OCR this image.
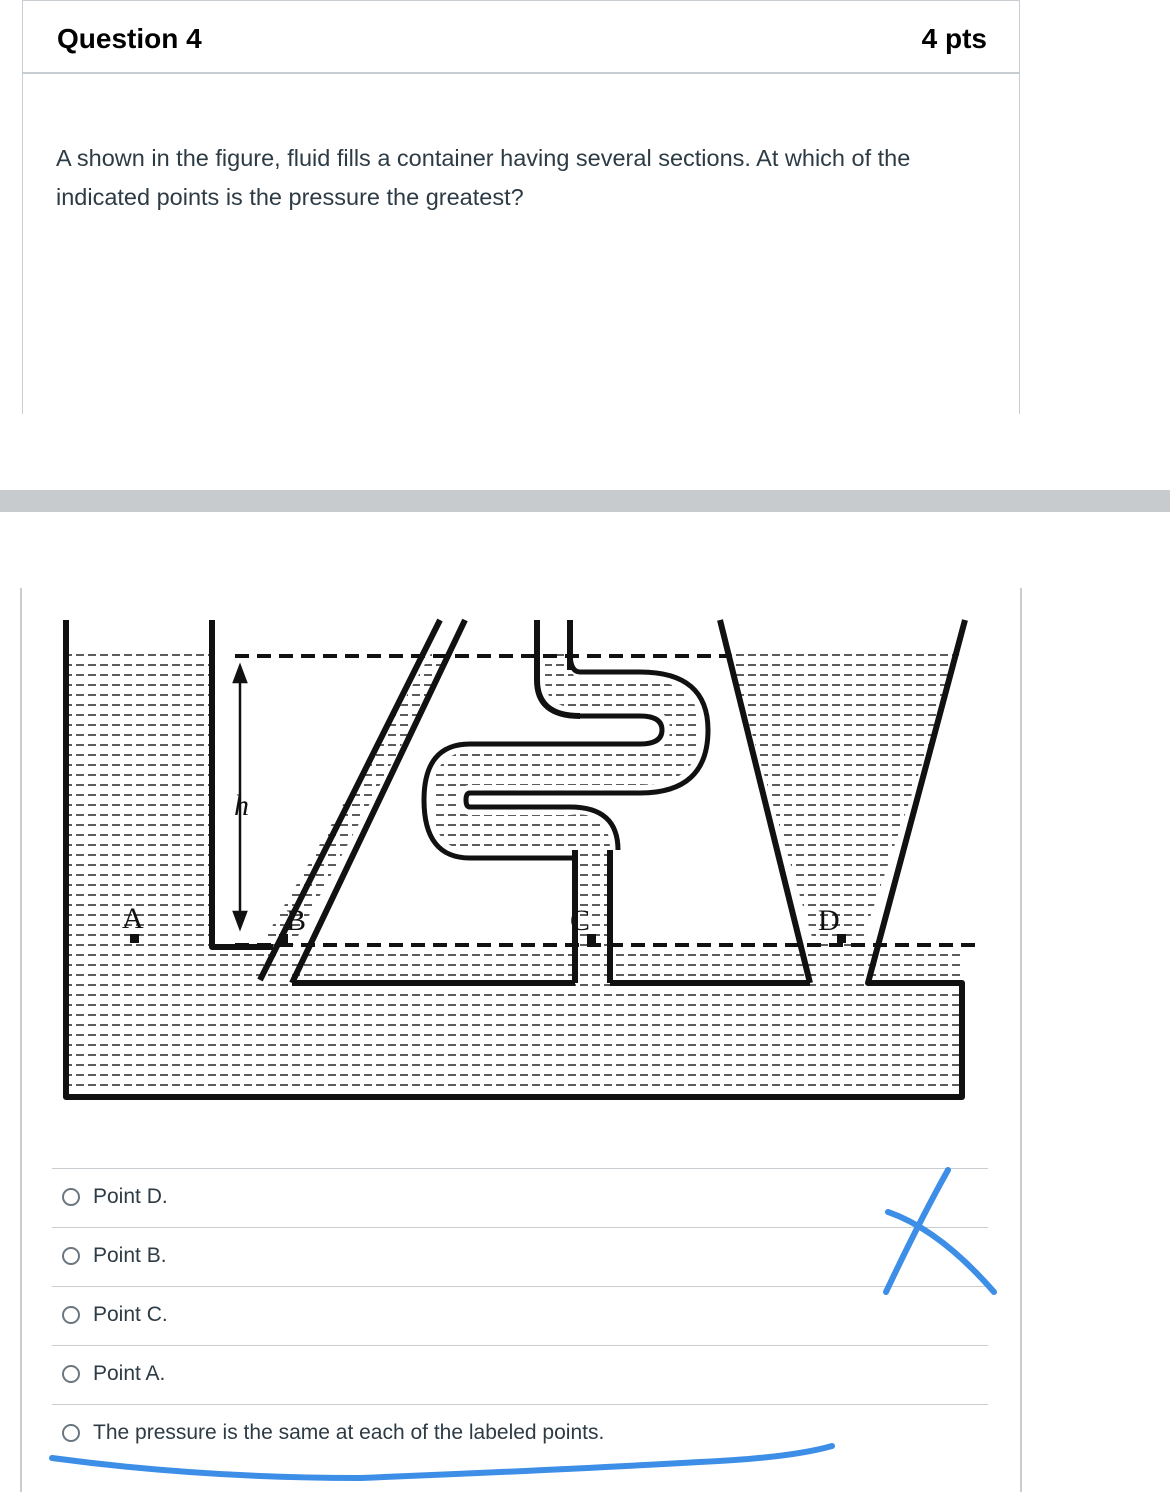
Question 4	4 pts
A shown in the figure, fluid fills a container having several sections. At which of the indicated points is the pressure the greatest?
h
A	B	C	D
Point D.
Point B.
Point C.
Point A.
The pressure is the same at each of the labeled points.
